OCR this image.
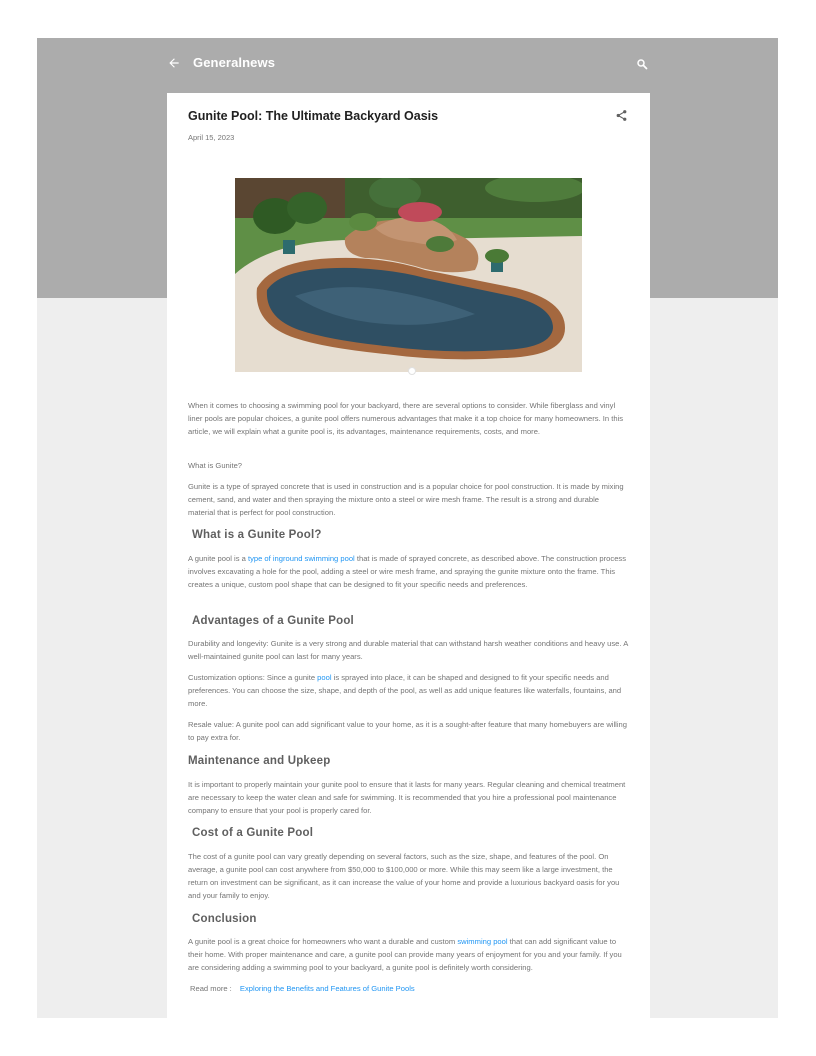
Generalnews
Gunite Pool: The Ultimate Backyard Oasis
April 15, 2023

When it comes to choosing a swimming pool for your backyard, there are several options to consider. While fiberglass and vinyl liner pools are popular choices, a gunite pool offers numerous advantages that make it a top choice for many homeowners. In this article, we will explain what a gunite pool is, its advantages, maintenance requirements, costs, and more.

What is Gunite?

Gunite is a type of sprayed concrete that is used in construction and is a popular choice for pool construction. It is made by mixing cement, sand, and water and then spraying the mixture onto a steel or wire mesh frame. The result is a strong and durable material that is perfect for pool construction.

What is a Gunite Pool?

A gunite pool is a type of inground swimming pool that is made of sprayed concrete, as described above. The construction process involves excavating a hole for the pool, adding a steel or wire mesh frame, and spraying the gunite mixture onto the frame. This creates a unique, custom pool shape that can be designed to fit your specific needs and preferences.

Advantages of a Gunite Pool

Durability and longevity: Gunite is a very strong and durable material that can withstand harsh weather conditions and heavy use. A well-maintained gunite pool can last for many years.

Customization options: Since a gunite pool is sprayed into place, it can be shaped and designed to fit your specific needs and preferences. You can choose the size, shape, and depth of the pool, as well as add unique features like waterfalls, fountains, and more.

Resale value: A gunite pool can add significant value to your home, as it is a sought-after feature that many homebuyers are willing to pay extra for.

Maintenance and Upkeep

It is important to properly maintain your gunite pool to ensure that it lasts for many years. Regular cleaning and chemical treatment are necessary to keep the water clean and safe for swimming. It is recommended that you hire a professional pool maintenance company to ensure that your pool is properly cared for.

Cost of a Gunite Pool

The cost of a gunite pool can vary greatly depending on several factors, such as the size, shape, and features of the pool. On average, a gunite pool can cost anywhere from $50,000 to $100,000 or more. While this may seem like a large investment, the return on investment can be significant, as it can increase the value of your home and provide a luxurious backyard oasis for you and your family to enjoy.

Conclusion

A gunite pool is a great choice for homeowners who want a durable and custom swimming pool that can add significant value to their home. With proper maintenance and care, a gunite pool can provide many years of enjoyment for you and your family. If you are considering adding a swimming pool to your backyard, a gunite pool is definitely worth considering.

Read more : Exploring the Benefits and Features of Gunite Pools
